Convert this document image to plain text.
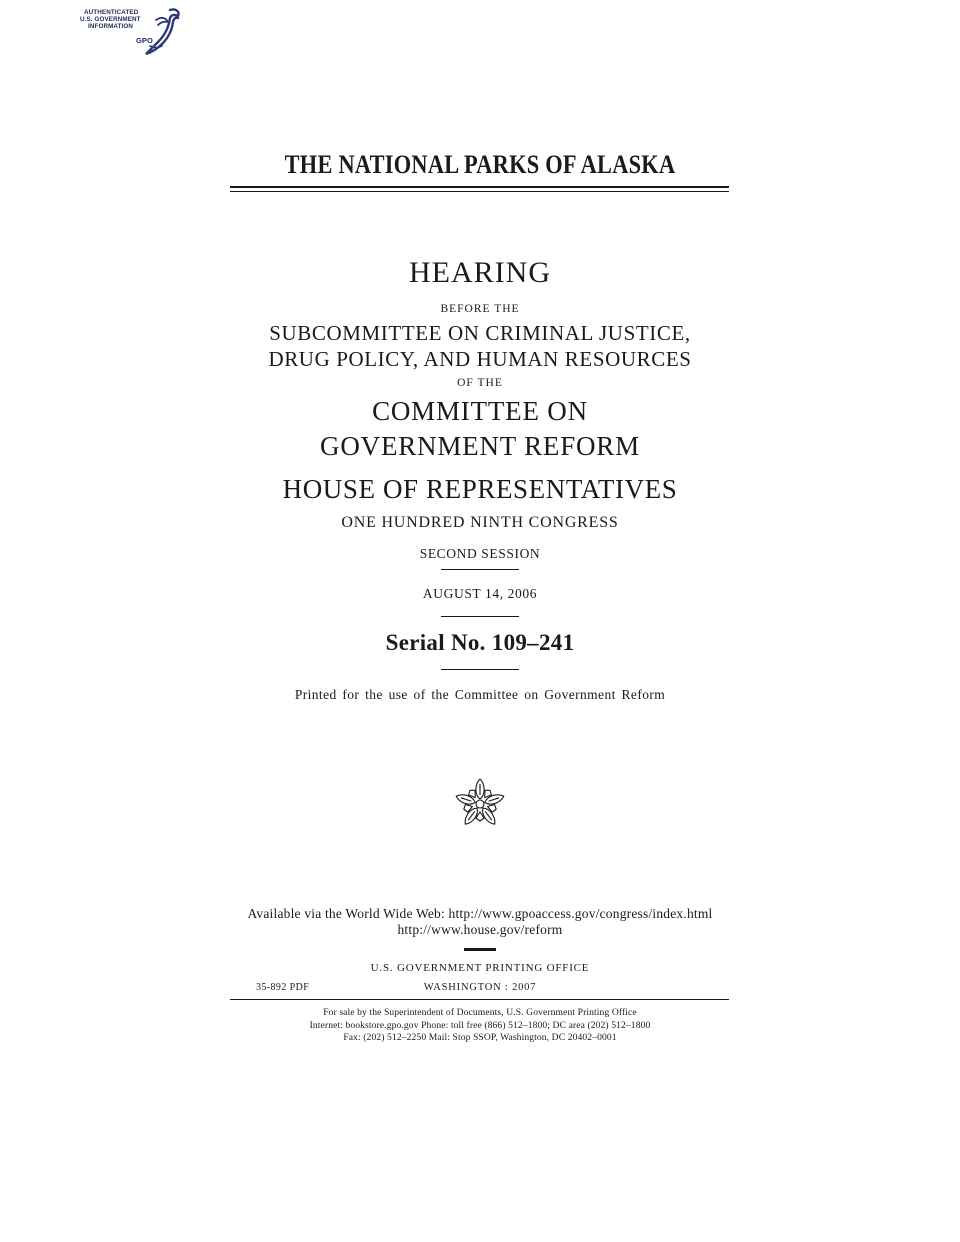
AUTHENTICATED
U.S. GOVERNMENT
INFORMATION
GPO
THE NATIONAL PARKS OF ALASKA
HEARING
BEFORE THE
SUBCOMMITTEE ON CRIMINAL JUSTICE,
DRUG POLICY, AND HUMAN RESOURCES
OF THE
COMMITTEE ON
GOVERNMENT REFORM
HOUSE OF REPRESENTATIVES
ONE HUNDRED NINTH CONGRESS
SECOND SESSION
AUGUST 14, 2006
Serial No. 109–241
Printed for the use of the Committee on Government Reform
Available via the World Wide Web: http://www.gpoaccess.gov/congress/index.html
http://www.house.gov/reform
U.S. GOVERNMENT PRINTING OFFICE
35-892 PDF	WASHINGTON : 2007
For sale by the Superintendent of Documents, U.S. Government Printing Office
Internet: bookstore.gpo.gov Phone: toll free (866) 512–1800; DC area (202) 512–1800
Fax: (202) 512–2250 Mail: Stop SSOP, Washington, DC 20402–0001
